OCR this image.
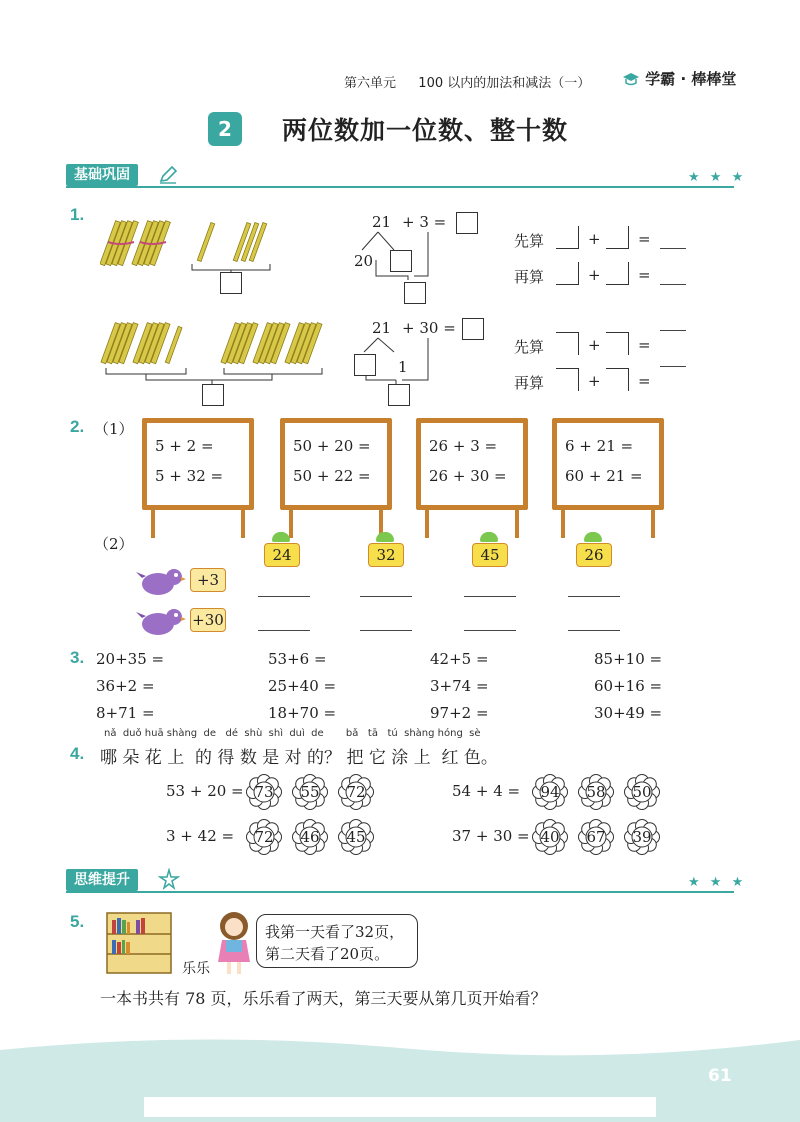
第六单元 100 以内的加法和减法（一）	学霸 · 棒棒堂
2	两位数加一位数、整十数
基础巩固	★ ★ ★
1.	21 + 3 =
20
先算	+ =
再算	+ =
21 + 30 =
1
先算	+ =
再算	+ =
2. （1）
5 + 2 =
5 + 32 =
50 + 20 =
50 + 22 =
26 + 3 =
26 + 30 =
6 + 21 =
60 + 21 =
（2）
24	32	45	26
+3
+30
3. 20+35 =	53+6 =	42+5 =	85+10 =
36+2 =	25+40 =	3+74 =	60+16 =
8+71 =	18+70 =	97+2 =	30+49 =
nǎ  duǒ huā shàng  de   dé  shù  shì  duì  de       bǎ   tā   tú  shàng hóng  sè
4. 哪 朵 花 上  的 得 数 是 对 的？ 把 它 涂 上  红 色。
53 + 20 =	54 + 4 =
3 + 42 =	37 + 30 =
73	55	72	94	58	50
72	46	45	40	67	39
思维提升	★ ★ ★
5.
我第一天看了32页，
第二天看了20页。
乐乐
一本书共有 78 页，乐乐看了两天，第三天要从第几页开始看？
61
